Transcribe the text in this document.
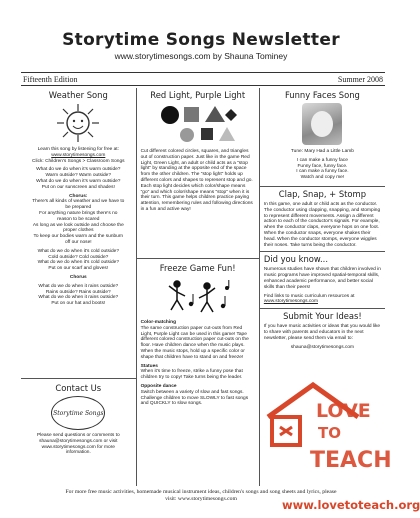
Storytime Songs Newsletter
www.storytimesongs.com by Shauna Tominey
Fifteenth Edition	Summer 2008
Weather Song
Learn this song by listening for free at:
www.storytimesongs.com
Click: Children's Songs > Classroom Songs
What do we do when it's warm outside?
Warm outside? Warm outside?
What do we do when it's warm outside?
Put on our sunscreen and shades!
Chorus:
There's all kinds of weather and we have to
be prepared
For anything nature brings there's no
reason to be scared
As long as we look outside and choose the
proper clothes
To keep our bodies warm and the sunburn
off our nose!
What do we do when it's cold outside?
Cold outside? Cold outside?
What do we do when it's cold outside?
Put on our scarf and gloves!
Chorus
What do we do when it rains outside?
Rains outside? Rains outside?
What do we do when it rains outside?
Put on our hat and boots!
Contact Us
Storytime Songs
Please send questions or comments to
shauna@storytimesongs.com or visit
www.storytimesongs.com for more
information.
Red Light, Purple Light

Cut different colored circles, squares, and triangles out of construction paper. Just like in the game Red Light, Green Light, an adult or child acts as a "stop light" by standing at the opposite end of the space from the other children. The "stop light" holds up different colors and shapes to represent stop and go. Each stop light decides which color/shape means "go" and which color/shape means "stop" when it is their turn. This game helps children practice paying attention, remembering rules and following directions in a fun and active way!

Freeze Game Fun!
Color-matching

The same construction paper cut-outs from Red Light, Purple Light can be used in this game! Tape different colored construction paper cut-outs on the floor. Have children dance when the music plays. When the music stops, hold up a specific color or shape that children have to stand on and freeze!

Statues

When it's time to freeze, strike a funny pose that children try to copy! Take turns being the leader.

Opposite dance

Switch between a variety of slow and fast songs. Challenge children to move SLOWLY to fast songs and QUICKLY to slow songs.

Funny Faces Song
Tune: Mary Had a Little Lamb
I can make a funny face
Funny face, funny face.
I can make a funny face.
Watch and copy me!
Clap, Snap, + Stomp

In this game, one adult or child acts as the conductor. The conductor using clapping, snapping, and stomping to represent different movements. Assign a different action to each of the conductor's signals. For example, when the conductor claps, everyone hops on one foot. When the conductor snaps, everyone shakes their head. When the conductor stomps, everyone wiggles their noses. Take turns being the conductor.

Did you know...

Numerous studies have shown that children involved in music programs have improved spatial-temporal skills, enhanced academic performance, and better social skills than their peers!

Find links to music curriculum resources at
www.storytimesongs.com
Submit Your Ideas!

If you have music activities or ideas that you would like to share with parents and educators in the next newsletter, please send them via email to:

shauna@storytimesongs.com
For more free music activities, homemade musical instrument ideas, children's songs and song sheets and lyrics, please
visit: www.storytimesongs.com
LOVE
TO
TEACH
www.lovetoteach.org
